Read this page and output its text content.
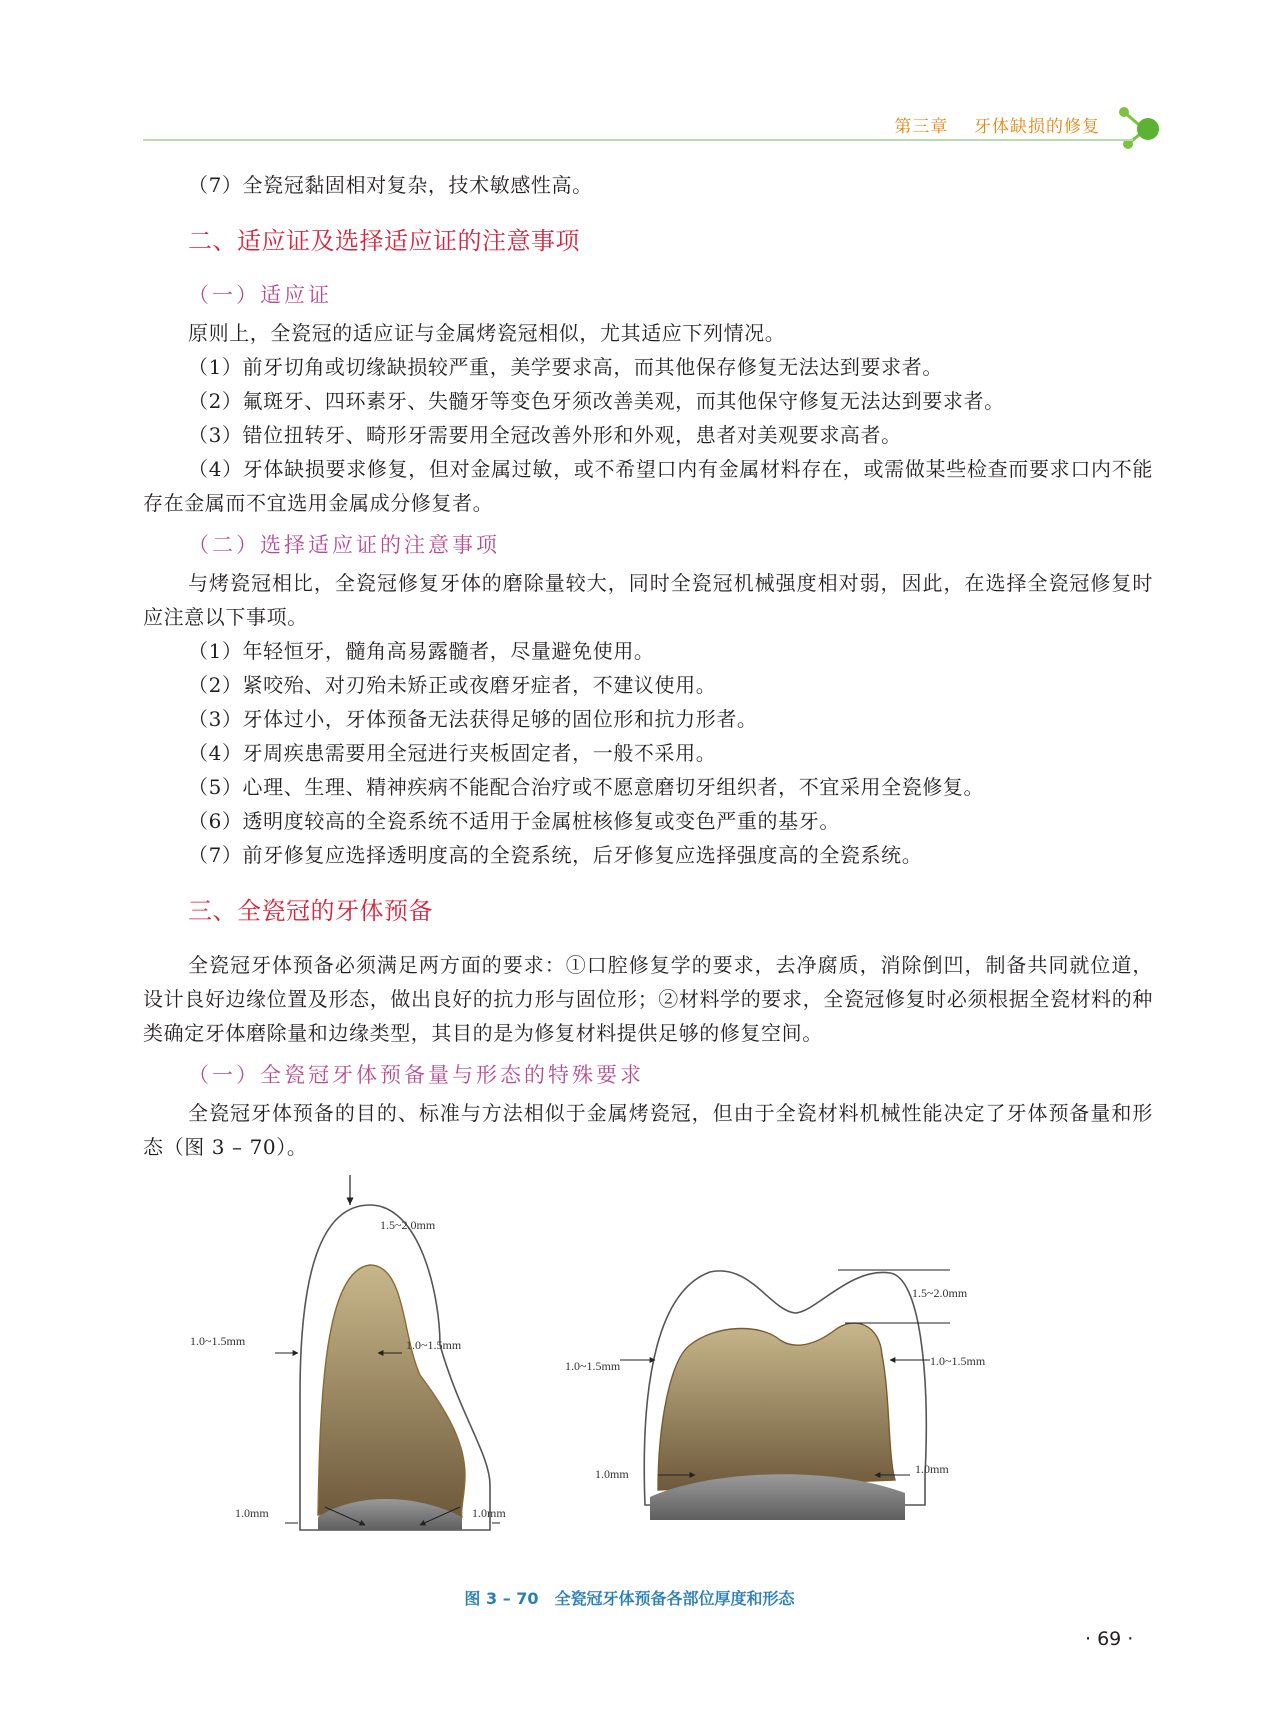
第三章 牙体缺损的修复

（7）全瓷冠黏固相对复杂，技术敏感性高。

二、适应证及选择适应证的注意事项
（一）适应证

原则上，全瓷冠的适应证与金属烤瓷冠相似，尤其适应下列情况。

（1）前牙切角或切缘缺损较严重，美学要求高，而其他保存修复无法达到要求者。

（2）氟斑牙、四环素牙、失髓牙等变色牙须改善美观，而其他保守修复无法达到要求者。

（3）错位扭转牙、畸形牙需要用全冠改善外形和外观，患者对美观要求高者。

（4）牙体缺损要求修复，但对金属过敏，或不希望口内有金属材料存在，或需做某些检查而要求口内不能存在金属而不宜选用金属成分修复者。

（二）选择适应证的注意事项

与烤瓷冠相比，全瓷冠修复牙体的磨除量较大，同时全瓷冠机械强度相对弱，因此，在选择全瓷冠修复时应注意以下事项。

（1）年轻恒牙，髓角高易露髓者，尽量避免使用。

（2）紧咬殆、对刃殆未矫正或夜磨牙症者，不建议使用。

（3）牙体过小，牙体预备无法获得足够的固位形和抗力形者。

（4）牙周疾患需要用全冠进行夹板固定者，一般不采用。

（5）心理、生理、精神疾病不能配合治疗或不愿意磨切牙组织者，不宜采用全瓷修复。

（6）透明度较高的全瓷系统不适用于金属桩核修复或变色严重的基牙。

（7）前牙修复应选择透明度高的全瓷系统，后牙修复应选择强度高的全瓷系统。

三、全瓷冠的牙体预备

全瓷冠牙体预备必须满足两方面的要求：①口腔修复学的要求，去净腐质，消除倒凹，制备共同就位道，设计良好边缘位置及形态，做出良好的抗力形与固位形；②材料学的要求，全瓷冠修复时必须根据全瓷材料的种类确定牙体磨除量和边缘类型，其目的是为修复材料提供足够的修复空间。

（一）全瓷冠牙体预备量与形态的特殊要求

全瓷冠牙体预备的目的、标准与方法相似于金属烤瓷冠，但由于全瓷材料机械性能决定了牙体预备量和形态（图 3 – 70）。

1.5~2.0mm
1.0~1.5mm	1.0~1.5mm
1.0mm	1.0mm
1.5~2.0mm
1.0~1.5mm	1.0~1.5mm
1.0mm	1.0mm
图 3 – 70 全瓷冠牙体预备各部位厚度和形态
· 69 ·
